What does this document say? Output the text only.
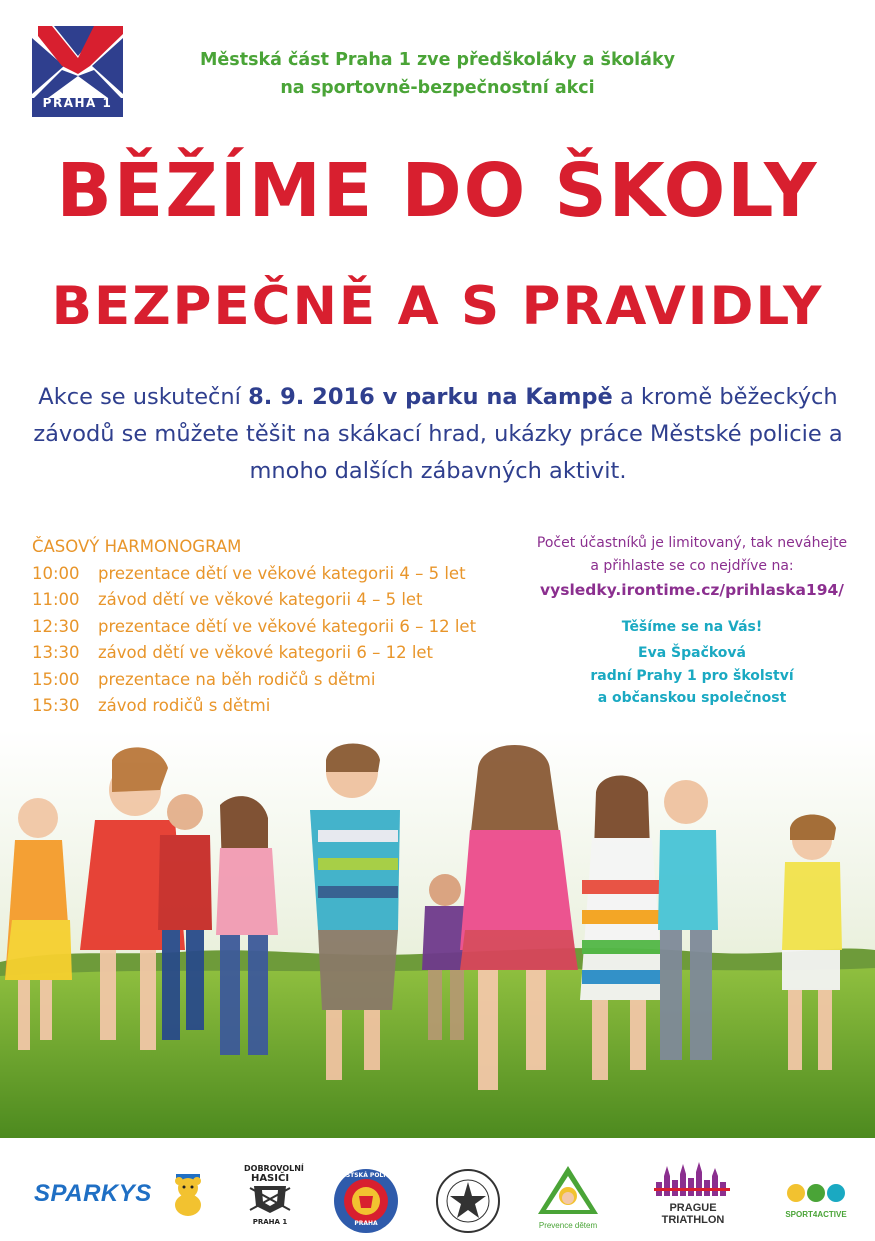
PRAHA 1
Městská část Praha 1 zve předškoláky a školáky
na sportovně-bezpečnostní akci
BĚŽÍME DO ŠKOLY
BEZPEČNĚ A S PRAVIDLY
Akce se uskuteční 8. 9. 2016 v parku na Kampě a kromě běžeckých závodů se můžete těšit na skákací hrad, ukázky práce Městské policie a mnoho dalších zábavných aktivit.
ČASOVÝ HARMONOGRAM
10:00	prezentace dětí ve věkové kategorii 4 – 5 let
11:00	závod dětí ve věkové kategorii 4 – 5 let
12:30	prezentace dětí ve věkové kategorii 6 – 12 let
13:30	závod dětí ve věkové kategorii 6 – 12 let
15:00	prezentace na běh rodičů s dětmi
15:30	závod rodičů s dětmi
Počet účastníků je limitovaný, tak neváhejte
a přihlaste se co nejdříve na:
vysledky.irontime.cz/prihlaska194/
Těšíme se na Vás!
Eva Špačková
radní Prahy 1 pro školství
a občanskou společnost
SPARKYS
DOBROVOLNÍ
HASIČI
PRAHA 1
MĚSTSKÁ POLICIE
PRAHA	Prevence dětem
PRAGUE TRIATHLON	SPORT4ACTIVE
